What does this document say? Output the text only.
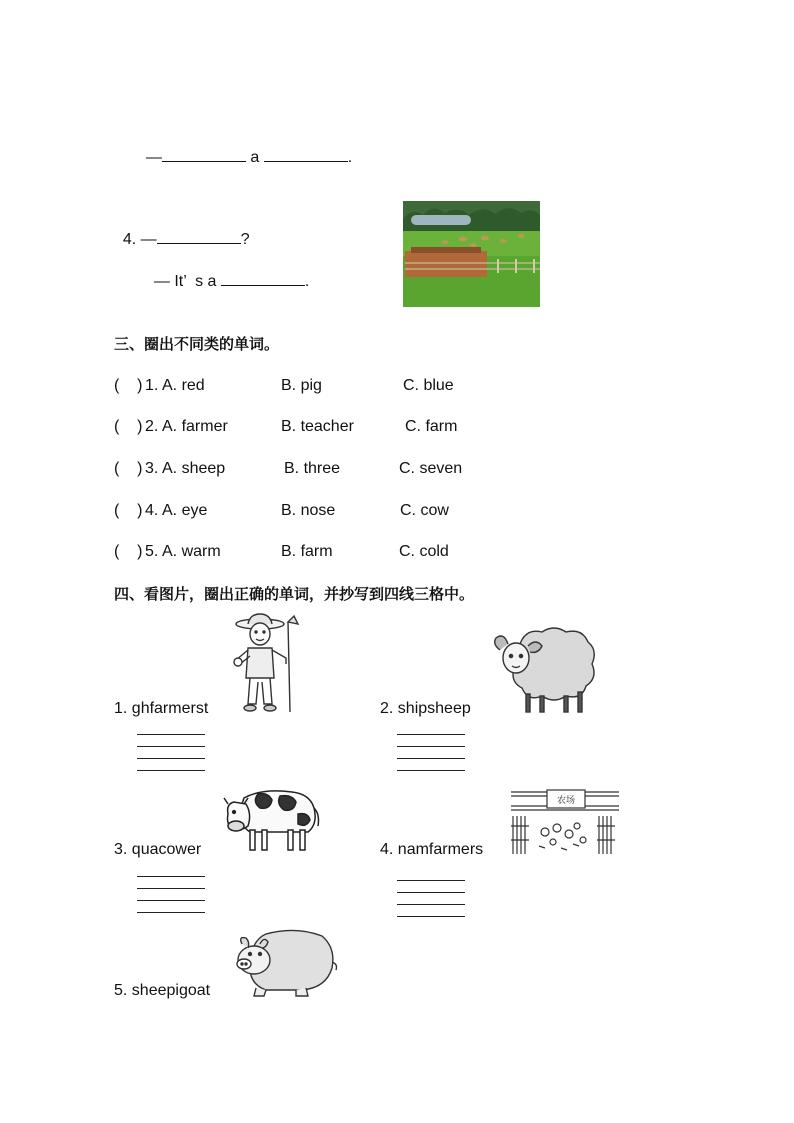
—	a	.

4. —	?

— It’  s a	.

三、圈出不同类的单词。
(    ) 1. A. red	B. pig	C. blue
(    ) 2. A. farmer	B. teacher	C. farm
(    ) 3. A. sheep	B. three	C. seven
(    ) 4. A. eye	B. nose	C. cow
(    ) 5. A. warm	B. farm	C. cold
四、看图片，圈出正确的单词，并抄写到四线三格中。
1. ghfarmerst	2. shipsheep
3. quacower
农场
4. namfarmers
5. sheepigoat
